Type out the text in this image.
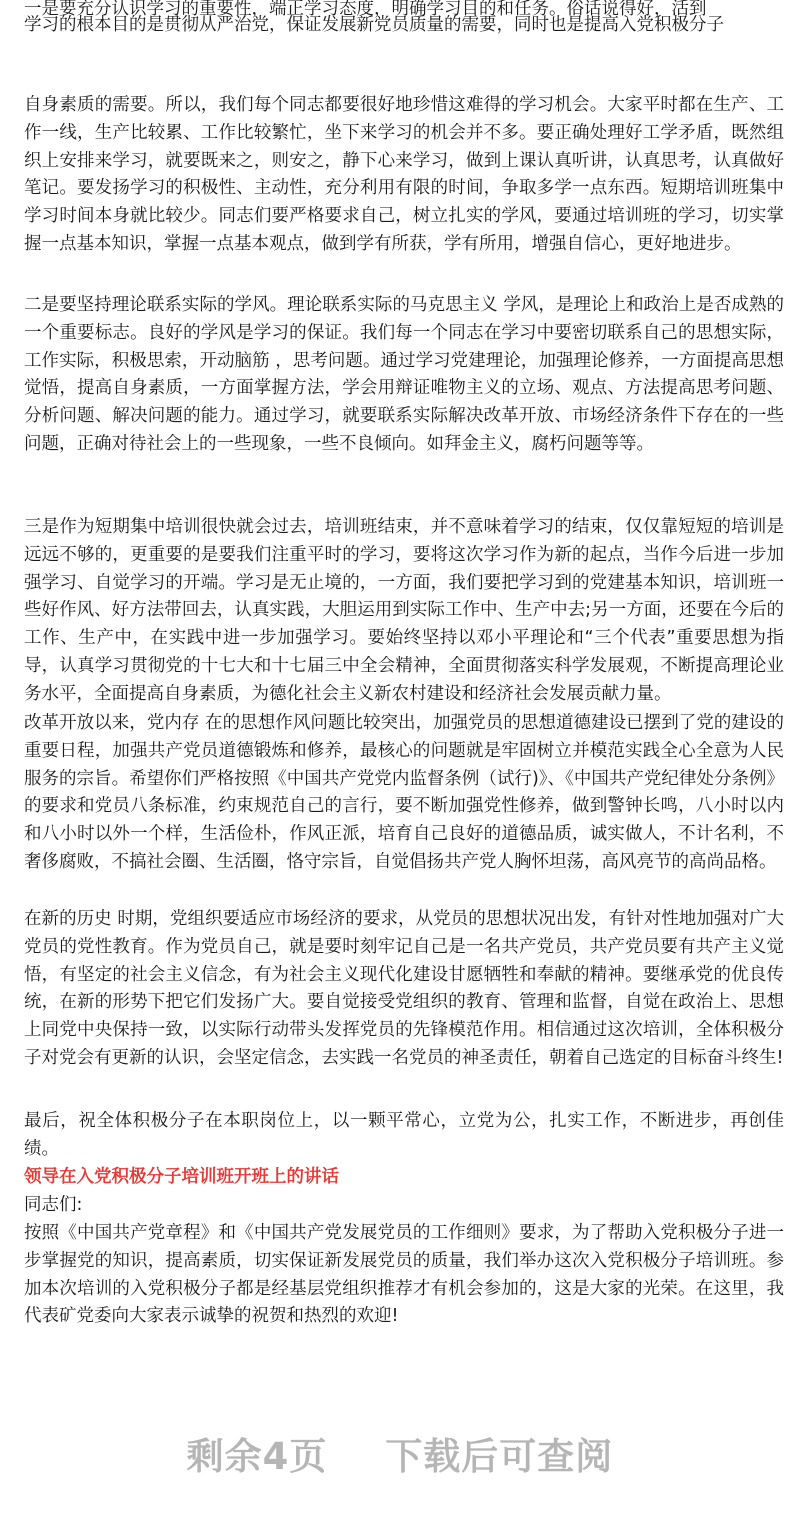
一是要充分认识学习的重要性，端正学习态度，明确学习目的和任务。俗话说得好，活到

学习的根本目的是贯彻从严治党，保证发展新党员质量的需要，同时也是提高入党积极分子

自身素质的需要。所以，我们每个同志都要很好地珍惜这难得的学习机会。大家平时都在生产、工作一线，生产比较累、工作比较繁忙，坐下来学习的机会并不多。要正确处理好工学矛盾，既然组织上安排来学习，就要既来之，则安之，静下心来学习，做到上课认真听讲，认真思考，认真做好笔记。要发扬学习的积极性、主动性，充分利用有限的时间，争取多学一点东西。短期培训班集中学习时间本身就比较少。同志们要严格要求自己，树立扎实的学风，要通过培训班的学习，切实掌握一点基本知识，掌握一点基本观点，做到学有所获，学有所用，增强自信心，更好地进步。

二是要坚持理论联系实际的学风。理论联系实际的马克思主义 学风，是理论上和政治上是否成熟的一个重要标志。良好的学风是学习的保证。我们每一个同志在学习中要密切联系自己的思想实际，工作实际，积极思索，开动脑筋 ，思考问题。通过学习党建理论，加强理论修养，一方面提高思想觉悟，提高自身素质，一方面掌握方法，学会用辩证唯物主义的立场、观点、方法提高思考问题、分析问题、解决问题的能力。通过学习，就要联系实际解决改革开放、市场经济条件下存在的一些问题，正确对待社会上的一些现象，一些不良倾向。如拜金主义，腐朽问题等等。

三是作为短期集中培训很快就会过去，培训班结束，并不意味着学习的结束，仅仅靠短短的培训是远远不够的，更重要的是要我们注重平时的学习，要将这次学习作为新的起点，当作今后进一步加强学习、自觉学习的开端。学习是无止境的，一方面，我们要把学习到的党建基本知识，培训班一些好作风、好方法带回去，认真实践，大胆运用到实际工作中、生产中去;另一方面，还要在今后的工作、生产中，在实践中进一步加强学习。要始终坚持以邓小平理论和“三个代表”重要思想为指导，认真学习贯彻党的十七大和十七届三中全会精神，全面贯彻落实科学发展观，不断提高理论业务水平，全面提高自身素质，为德化社会主义新农村建设和经济社会发展贡献力量。

改革开放以来，党内存 在的思想作风问题比较突出，加强党员的思想道德建设已摆到了党的建设的重要日程，加强共产党员道德锻炼和修养，最核心的问题就是牢固树立并模范实践全心全意为人民服务的宗旨。希望你们严格按照《中国共产党党内监督条例（试行)》、《中国共产党纪律处分条例》的要求和党员八条标准，约束规范自己的言行，要不断加强党性修养，做到警钟长鸣，八小时以内和八小时以外一个样，生活俭朴，作风正派，培育自己良好的道德品质，诚实做人，不计名利，不奢侈腐败，不搞社会圈、生活圈，恪守宗旨，自觉倡扬共产党人胸怀坦荡，高风亮节的高尚品格。

在新的历史 时期，党组织要适应市场经济的要求，从党员的思想状况出发，有针对性地加强对广大党员的党性教育。作为党员自己，就是要时刻牢记自己是一名共产党员，共产党员要有共产主义觉悟，有坚定的社会主义信念，有为社会主义现代化建设甘愿牺牲和奉献的精神。要继承党的优良传统，在新的形势下把它们发扬广大。要自觉接受党组织的教育、管理和监督，自觉在政治上、思想上同党中央保持一致，以实际行动带头发挥党员的先锋模范作用。相信通过这次培训，全体积极分子对党会有更新的认识，会坚定信念，去实践一名党员的神圣责任，朝着自己选定的目标奋斗终生!

最后，祝全体积极分子在本职岗位上，以一颗平常心，立党为公，扎实工作，不断进步，再创佳绩。

领导在入党积极分子培训班开班上的讲话

同志们:

按照《中国共产党章程》和《中国共产党发展党员的工作细则》要求，为了帮助入党积极分子进一步掌握党的知识，提高素质，切实保证新发展党员的质量，我们举办这次入党积极分子培训班。参加本次培训的入党积极分子都是经基层党组织推荐才有机会参加的，这是大家的光荣。在这里，我代表矿党委向大家表示诚挚的祝贺和热烈的欢迎!

剩余4页 下载后可查阅
